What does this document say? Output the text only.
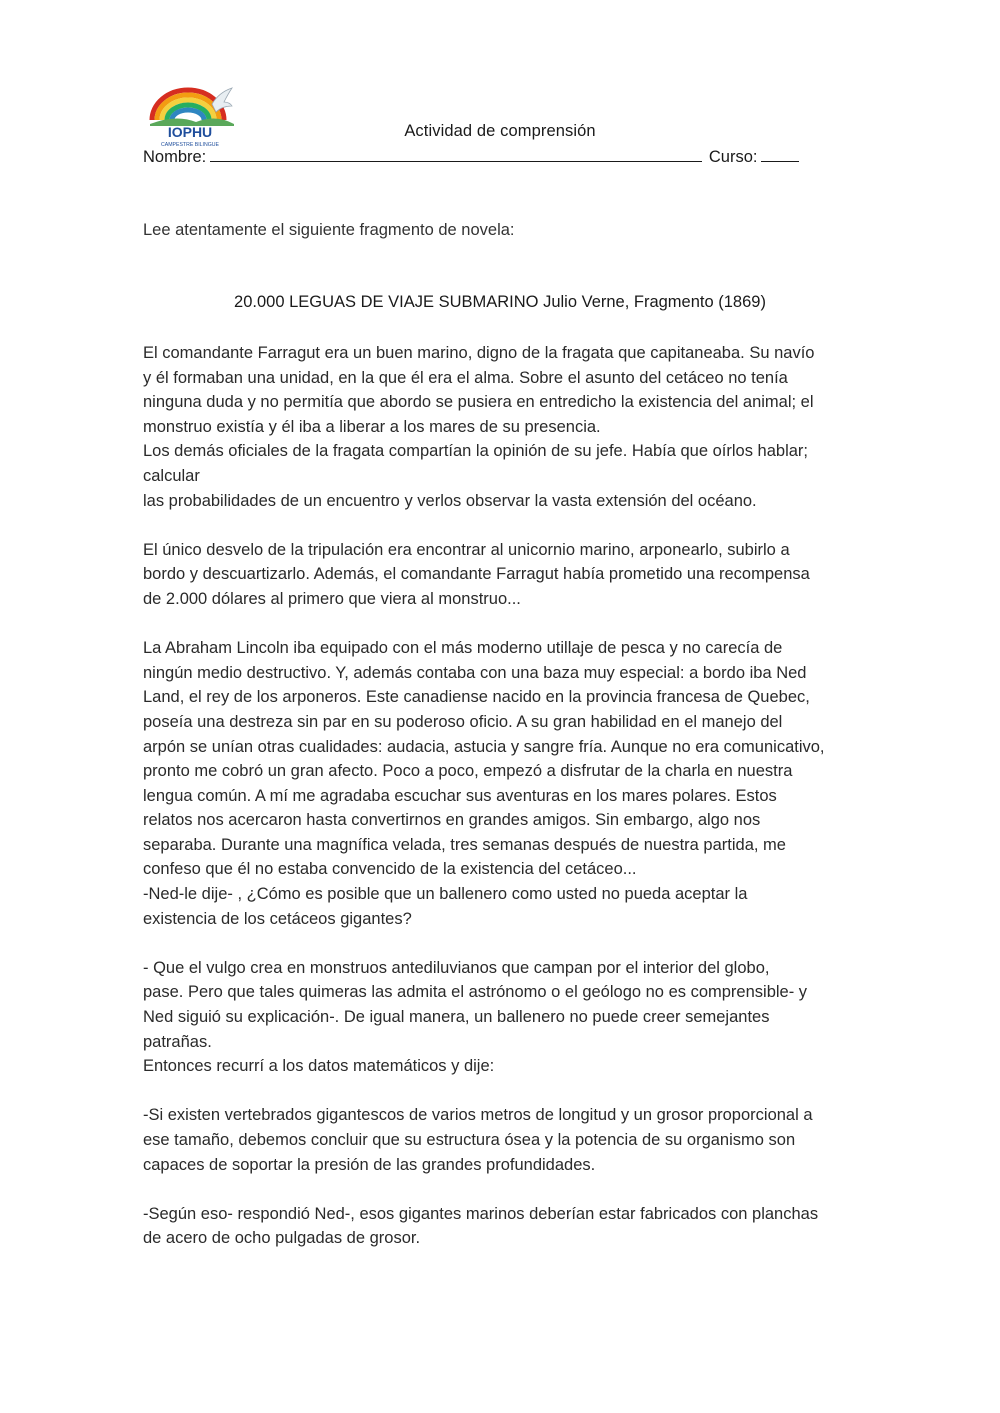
IOPHU
CAMPESTRE BILINGUE
Actividad de comprensión
Nombre:	Curso:
Lee atentamente el siguiente fragmento de novela:
20.000 LEGUAS DE VIAJE SUBMARINO Julio Verne, Fragmento (1869)

El comandante Farragut era un buen marino, digno de la fragata que capitaneaba. Su navío

y él formaban una unidad, en la que él era el alma. Sobre el asunto del cetáceo no tenía

ninguna duda y no permitía que abordo se pusiera en entredicho la existencia del animal; el

monstruo existía y él iba a liberar a los mares de su presencia.

Los demás oficiales de la fragata compartían la opinión de su jefe. Había que oírlos hablar;

calcular

las probabilidades de un encuentro y verlos observar la vasta extensión del océano.

El único desvelo de la tripulación era encontrar al unicornio marino, arponearlo, subirlo a

bordo y descuartizarlo. Además, el comandante Farragut había prometido una recompensa

de 2.000 dólares al primero que viera al monstruo...

La Abraham Lincoln iba equipado con el más moderno utillaje de pesca y no carecía de

ningún medio destructivo. Y, además contaba con una baza muy especial: a bordo iba Ned

Land, el rey de los arponeros. Este canadiense nacido en la provincia francesa de Quebec,

poseía una destreza sin par en su poderoso oficio. A su gran habilidad en el manejo del

arpón se unían otras cualidades: audacia, astucia y sangre fría. Aunque no era comunicativo,

pronto me cobró un gran afecto. Poco a poco, empezó a disfrutar de la charla en nuestra

lengua común. A mí me agradaba escuchar sus aventuras en los mares polares. Estos

relatos nos acercaron hasta convertirnos en grandes amigos. Sin embargo, algo nos

separaba. Durante una magnífica velada, tres semanas después de nuestra partida, me

confeso que él no estaba convencido de la existencia del cetáceo...

-Ned-le dije- , ¿Cómo es posible que un ballenero como usted no pueda aceptar la

existencia de los cetáceos gigantes?

- Que el vulgo crea en monstruos antediluvianos que campan por el interior del globo,

pase. Pero que tales quimeras las admita el astrónomo o el geólogo no es comprensible- y

Ned siguió su explicación-. De igual manera, un ballenero no puede creer semejantes

patrañas.

Entonces recurrí a los datos matemáticos y dije:

-Si existen vertebrados gigantescos de varios metros de longitud y un grosor proporcional a

ese tamaño, debemos concluir que su estructura ósea y la potencia de su organismo son

capaces de soportar la presión de las grandes profundidades.

-Según eso- respondió Ned-, esos gigantes marinos deberían estar fabricados con planchas

de acero de ocho pulgadas de grosor.
